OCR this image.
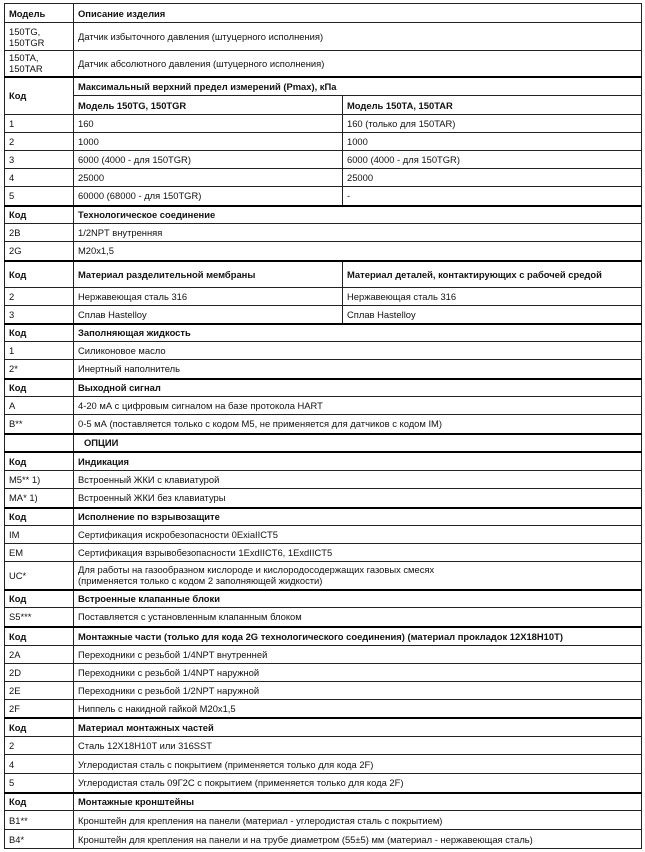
Модель	Описание изделия	
150TG,
150TGR	Датчик избыточного давления (штуцерного исполнения)	
150TA,
150TAR	Датчик абсолютного давления (штуцерного исполнения)	
Код	Максимальный верхний предел измерений (Pmax), кПа	
	Модель 150TG, 150TGR	Модель 150TA, 150TAR
1	160	160 (только для 150TAR)
2	1000	1000
3	6000 (4000 - для 150TGR)	6000 (4000 - для 150TGR)
4	25000	25000
5	60000 (68000 - для 150TGR)	-
Код	Технологическое соединение	
2B	1/2NPT внутренняя	
2G	M20x1,5	
Код	Материал разделительной мембраны	Материал деталей, контактирующих с рабочей средой
2	Нержавеющая сталь 316	Нержавеющая сталь 316
3	Сплав Hastelloy	Сплав Hastelloy
Код	Заполняющая жидкость	
1	Силиконовое масло	
2*	Инертный наполнитель	
Код	Выходной сигнал	
A	4-20 мА с цифровым сигналом на базе протокола HART	
B**	0-5 мА (поставляется только с кодом М5, не применяется для датчиков с кодом IM)	
	ОПЦИИ	
Код	Индикация	
M5** 1)	Встроенный ЖКИ с клавиатурой	
MA* 1)	Встроенный ЖКИ без клавиатуры	
Код	Исполнение по взрывозащите	
IM	Сертификация искробезопасности 0ExiaIICT5	
EM	Сертификация взрывобезопасности 1ExdIICT6, 1ExdIICT5	
UC*	Для работы на газообразном кислороде и кислородосодержащих газовых смесях
(применяется только с кодом 2 заполняющей жидкости)	
Код	Встроенные клапанные блоки	
S5***	Поставляется с установленным клапанным блоком	
Код	Монтажные части (только для кода 2G технологического соединения) (материал прокладок 12X18H10T)	
2A	Переходники с резьбой 1/4NPT внутренней	
2D	Переходники с резьбой 1/4NPT наружной	
2E	Переходники с резьбой 1/2NPT наружной	
2F	Ниппель с накидной гайкой M20x1,5	
Код	Материал монтажных частей	
2	Сталь 12X18H10T или 316SST	
4	Углеродистая сталь с покрытием (применяется только для кода 2F)	
5	Углеродистая сталь 09Г2С с покрытием (применяется только для кода 2F)	
Код	Монтажные кронштейны	
B1**	Кронштейн для крепления на панели (материал - углеродистая сталь с покрытием)	
B4*	Кронштейн для крепления на панели и на трубе диаметром (55±5) мм (материал - нержавеющая сталь)	
